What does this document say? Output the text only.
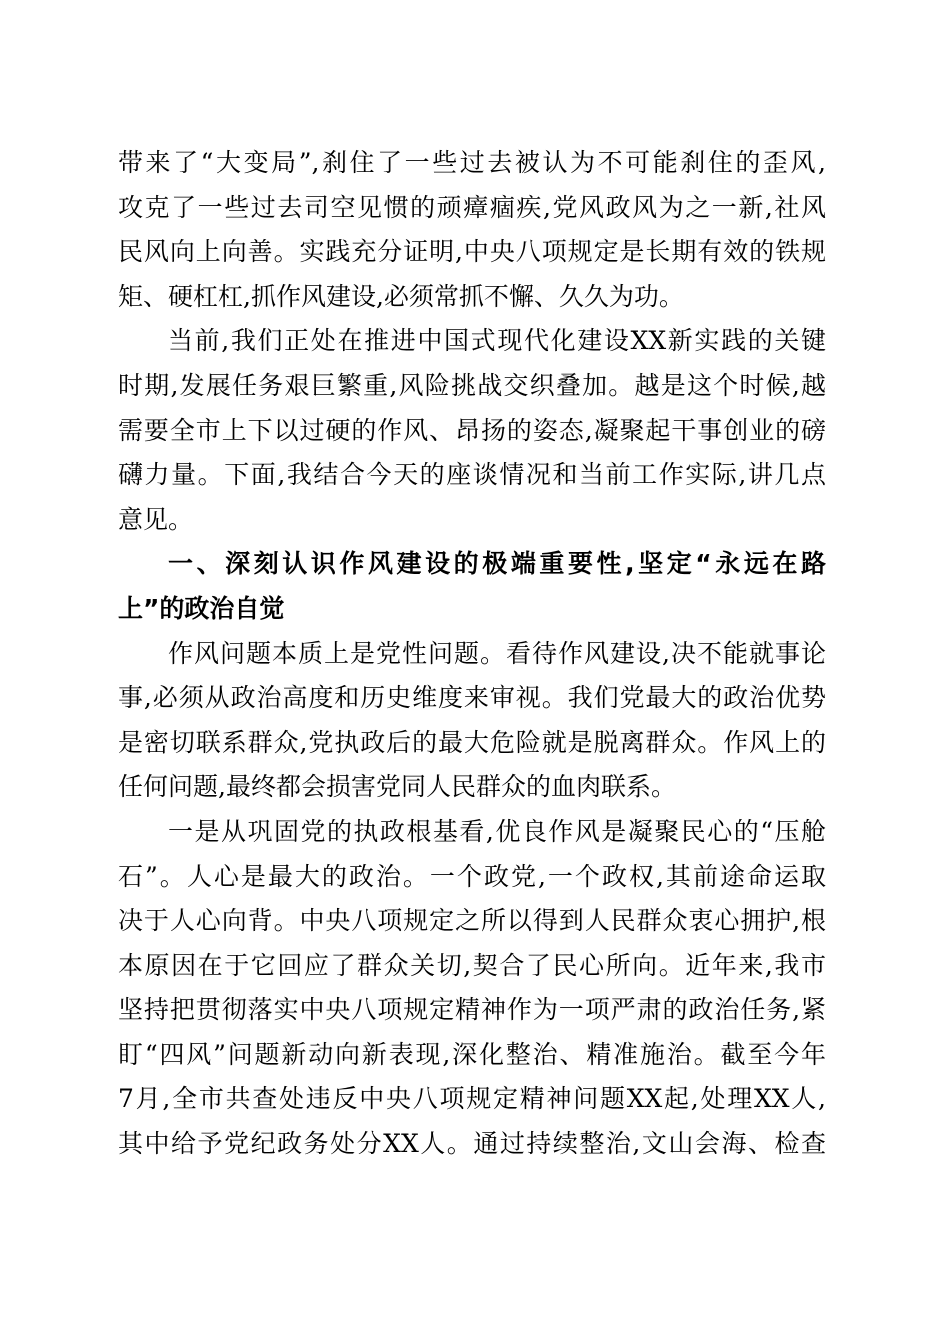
带来了“大变局”,刹住了一些过去被认为不可能刹住的歪风,
攻克了一些过去司空见惯的顽瘴痼疾,党风政风为之一新,社风
民风向上向善。实践充分证明,中央八项规定是长期有效的铁规
矩、硬杠杠,抓作风建设,必须常抓不懈、久久为功。
当前,我们正处在推进中国式现代化建设XX新实践的关键
时期,发展任务艰巨繁重,风险挑战交织叠加。越是这个时候,越
需要全市上下以过硬的作风、昂扬的姿态,凝聚起干事创业的磅
礴力量。下面,我结合今天的座谈情况和当前工作实际,讲几点
意见。
一、深刻认识作风建设的极端重要性,坚定“永远在路
上”的政治自觉
作风问题本质上是党性问题。看待作风建设,决不能就事论
事,必须从政治高度和历史维度来审视。我们党最大的政治优势
是密切联系群众,党执政后的最大危险就是脱离群众。作风上的
任何问题,最终都会损害党同人民群众的血肉联系。
一是从巩固党的执政根基看,优良作风是凝聚民心的“压舱
石”。人心是最大的政治。一个政党,一个政权,其前途命运取
决于人心向背。中央八项规定之所以得到人民群众衷心拥护,根
本原因在于它回应了群众关切,契合了民心所向。近年来,我市
坚持把贯彻落实中央八项规定精神作为一项严肃的政治任务,紧
盯“四风”问题新动向新表现,深化整治、精准施治。截至今年
7月,全市共查处违反中央八项规定精神问题XX起,处理XX人,
其中给予党纪政务处分XX人。通过持续整治,文山会海、检查
